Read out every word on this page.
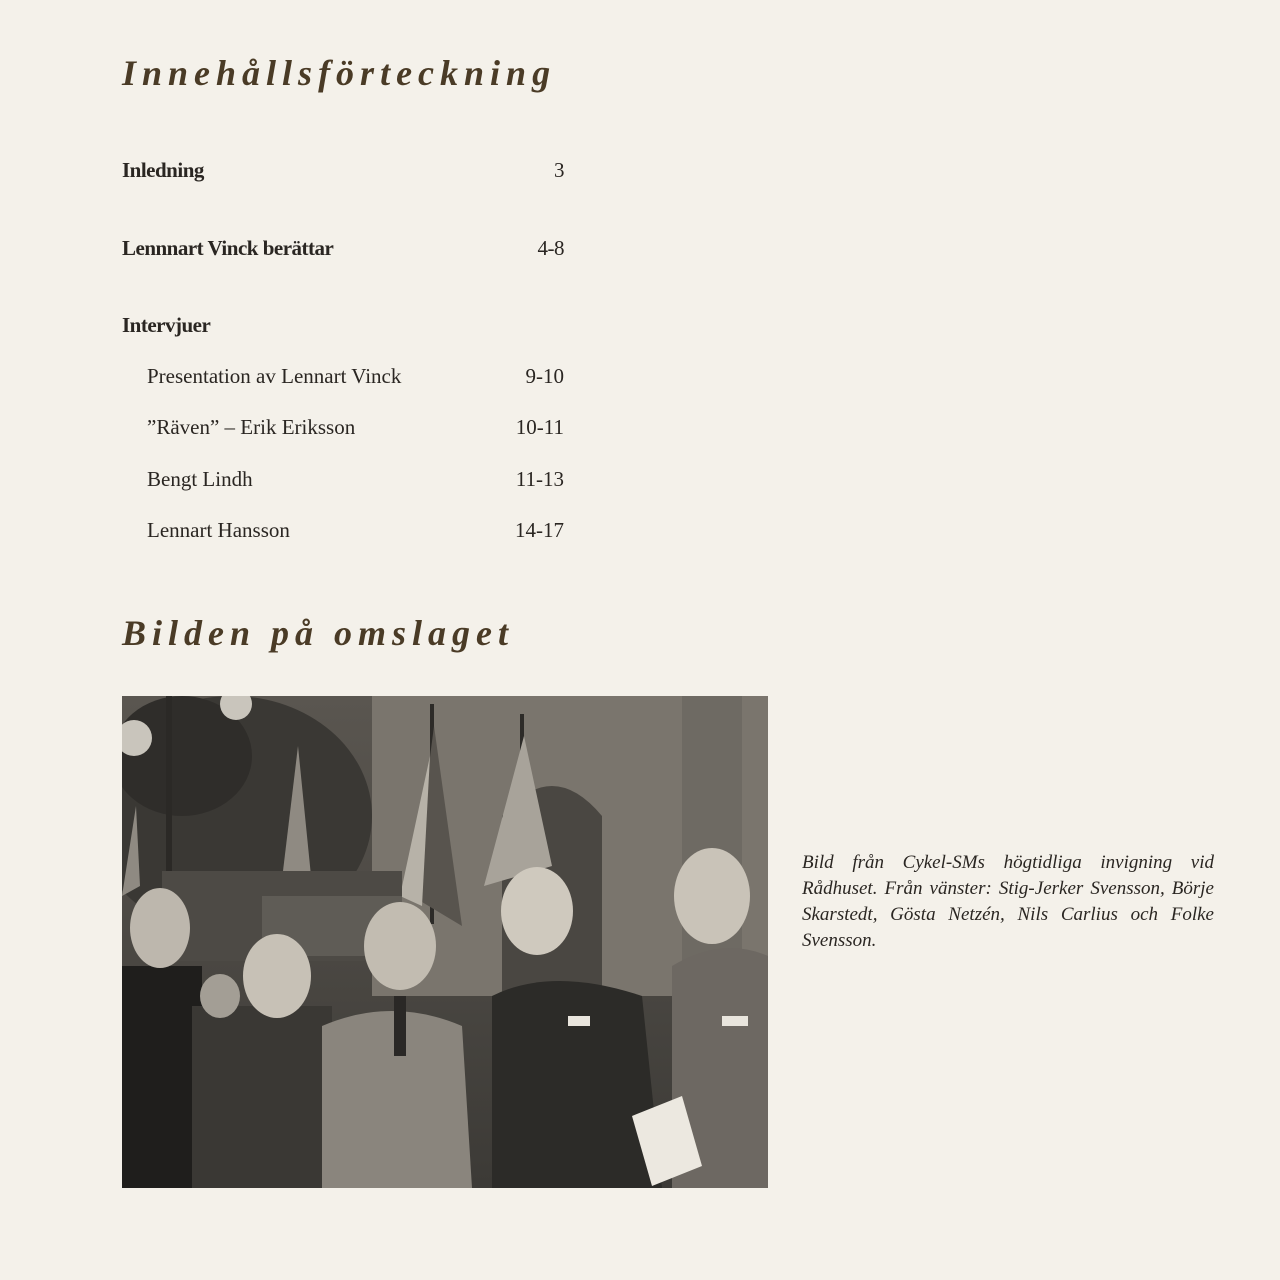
Innehållsförteckning
Inledning	3
Lennnart Vinck berättar	4-8
Intervjuer
Presentation av Lennart Vinck	9-10
”Räven” – Erik Eriksson	10-11
Bengt Lindh	11-13
Lennart Hansson	14-17
Bilden på omslaget

Bild från Cykel-SMs högtidliga invigning vid Rådhuset. Från vänster: Stig-Jerker Svensson, Börje Skarstedt, Gösta Netzén, Nils Carlius och Folke Svensson.
